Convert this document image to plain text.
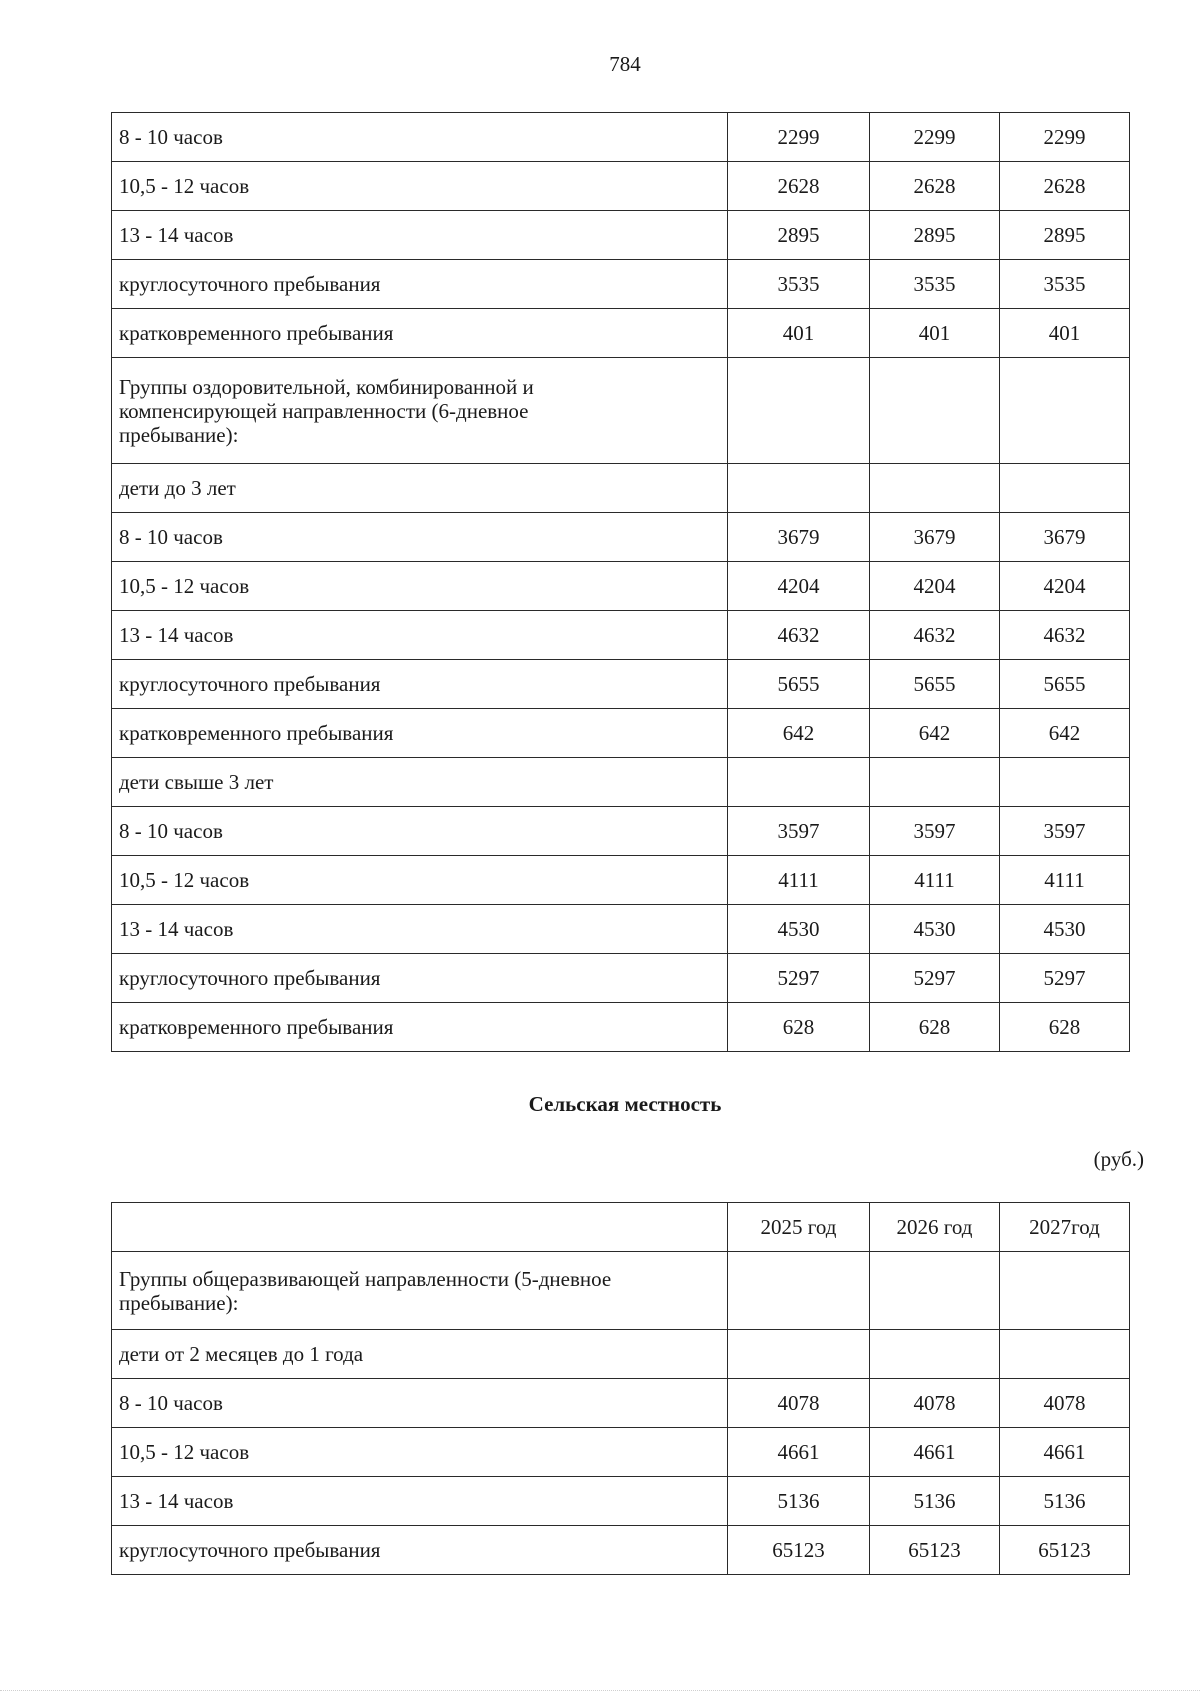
784
8 - 10 часов	2299	2299	2299
10,5 - 12 часов	2628	2628	2628
13 - 14 часов	2895	2895	2895
круглосуточного пребывания	3535	3535	3535
кратковременного пребывания	401	401	401
Группы оздоровительной, комбинированной и компенсирующей направленности (6-дневное пребывание):			
дети до 3 лет			
8 - 10 часов	3679	3679	3679
10,5 - 12 часов	4204	4204	4204
13 - 14 часов	4632	4632	4632
круглосуточного пребывания	5655	5655	5655
кратковременного пребывания	642	642	642
дети свыше 3 лет			
8 - 10 часов	3597	3597	3597
10,5 - 12 часов	4111	4111	4111
13 - 14 часов	4530	4530	4530
круглосуточного пребывания	5297	5297	5297
кратковременного пребывания	628	628	628
Сельская местность
(руб.)
	2025 год	2026 год	2027год
Группы общеразвивающей направленности (5-дневное пребывание):			
дети от 2 месяцев до 1 года			
8 - 10 часов	4078	4078	4078
10,5 - 12 часов	4661	4661	4661
13 - 14 часов	5136	5136	5136
круглосуточного пребывания	65123	65123	65123
